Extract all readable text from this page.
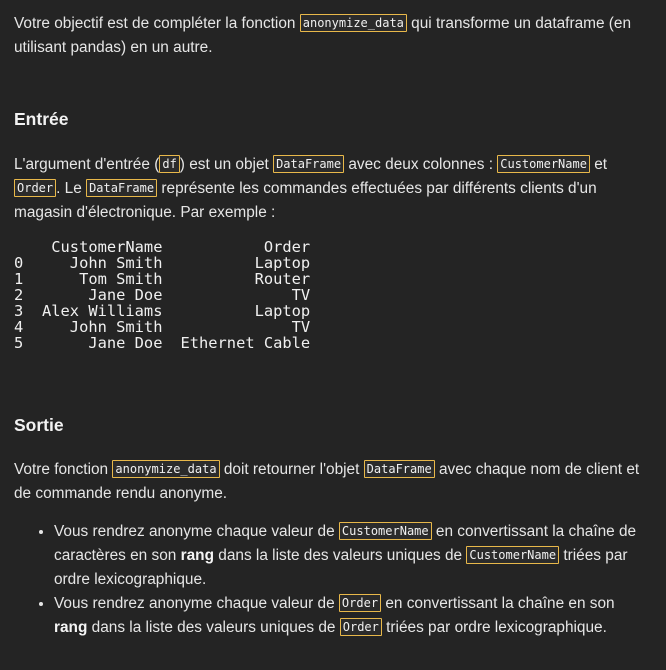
Votre objectif est de compléter la fonction anonymize_data qui transforme un dataframe (en utilisant pandas) en un autre.

Entrée

L'argument d'entrée ( df ) est un objet DataFrame avec deux colonnes : CustomerName et Order . Le DataFrame représente les commandes effectuées par différents clients d'un magasin d'électronique. Par exemple :

	CustomerName	Order
0	John Smith	Laptop
1	Tom Smith	Router
2	Jane Doe	TV
3	Alex Williams	Laptop
4	John Smith	TV
5	Jane Doe	Ethernet Cable
Sortie

Votre fonction anonymize_data doit retourner l'objet DataFrame avec chaque nom de client et de commande rendu anonyme.

• Vous rendrez anonyme chaque valeur de CustomerName en convertissant la chaîne de caractères en son rang dans la liste des valeurs uniques de CustomerName triées par ordre lexicographique.
• Vous rendrez anonyme chaque valeur de Order en convertissant la chaîne en son rang dans la liste des valeurs uniques de Order triées par ordre lexicographique.
